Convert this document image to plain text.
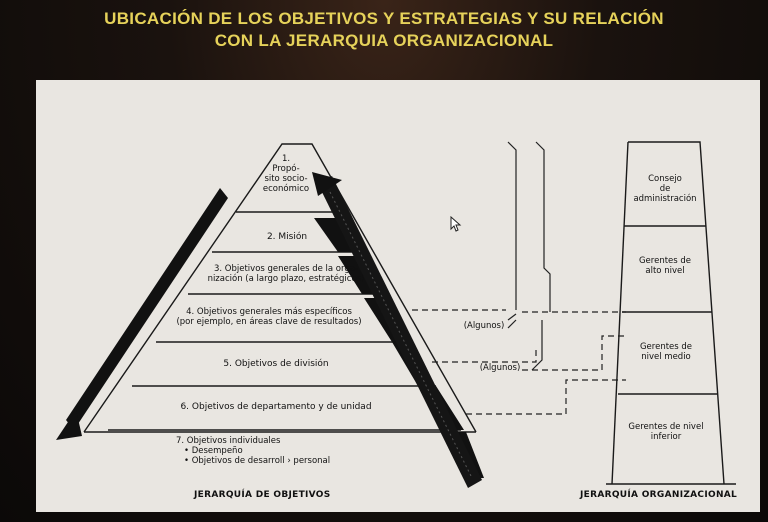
UBICACIÓN DE LOS OBJETIVOS Y ESTRATEGIAS Y SU RELACIÓN
CON LA JERARQUIA ORGANIZACIONAL
1.
Propó-
sito socio-
económico
2. Misión
3. Objetivos generales de la orga-
nización (a largo plazo, estratégicos)
4. Objetivos generales más específicos
(por ejemplo, en áreas clave de resultados)
5. Objetivos de división
6. Objetivos de departamento y de unidad
7. Objetivos individuales
• Desempeño
• Objetivos de desarroll › personal
(Algunos)
(Algunos)
Consejo
de
administración
Gerentes de
alto nivel
Gerentes de
nivel medio
Gerentes de nivel
inferior
JERARQUÍA DE OBJETIVOS	JERARQUÍA ORGANIZACIONAL
